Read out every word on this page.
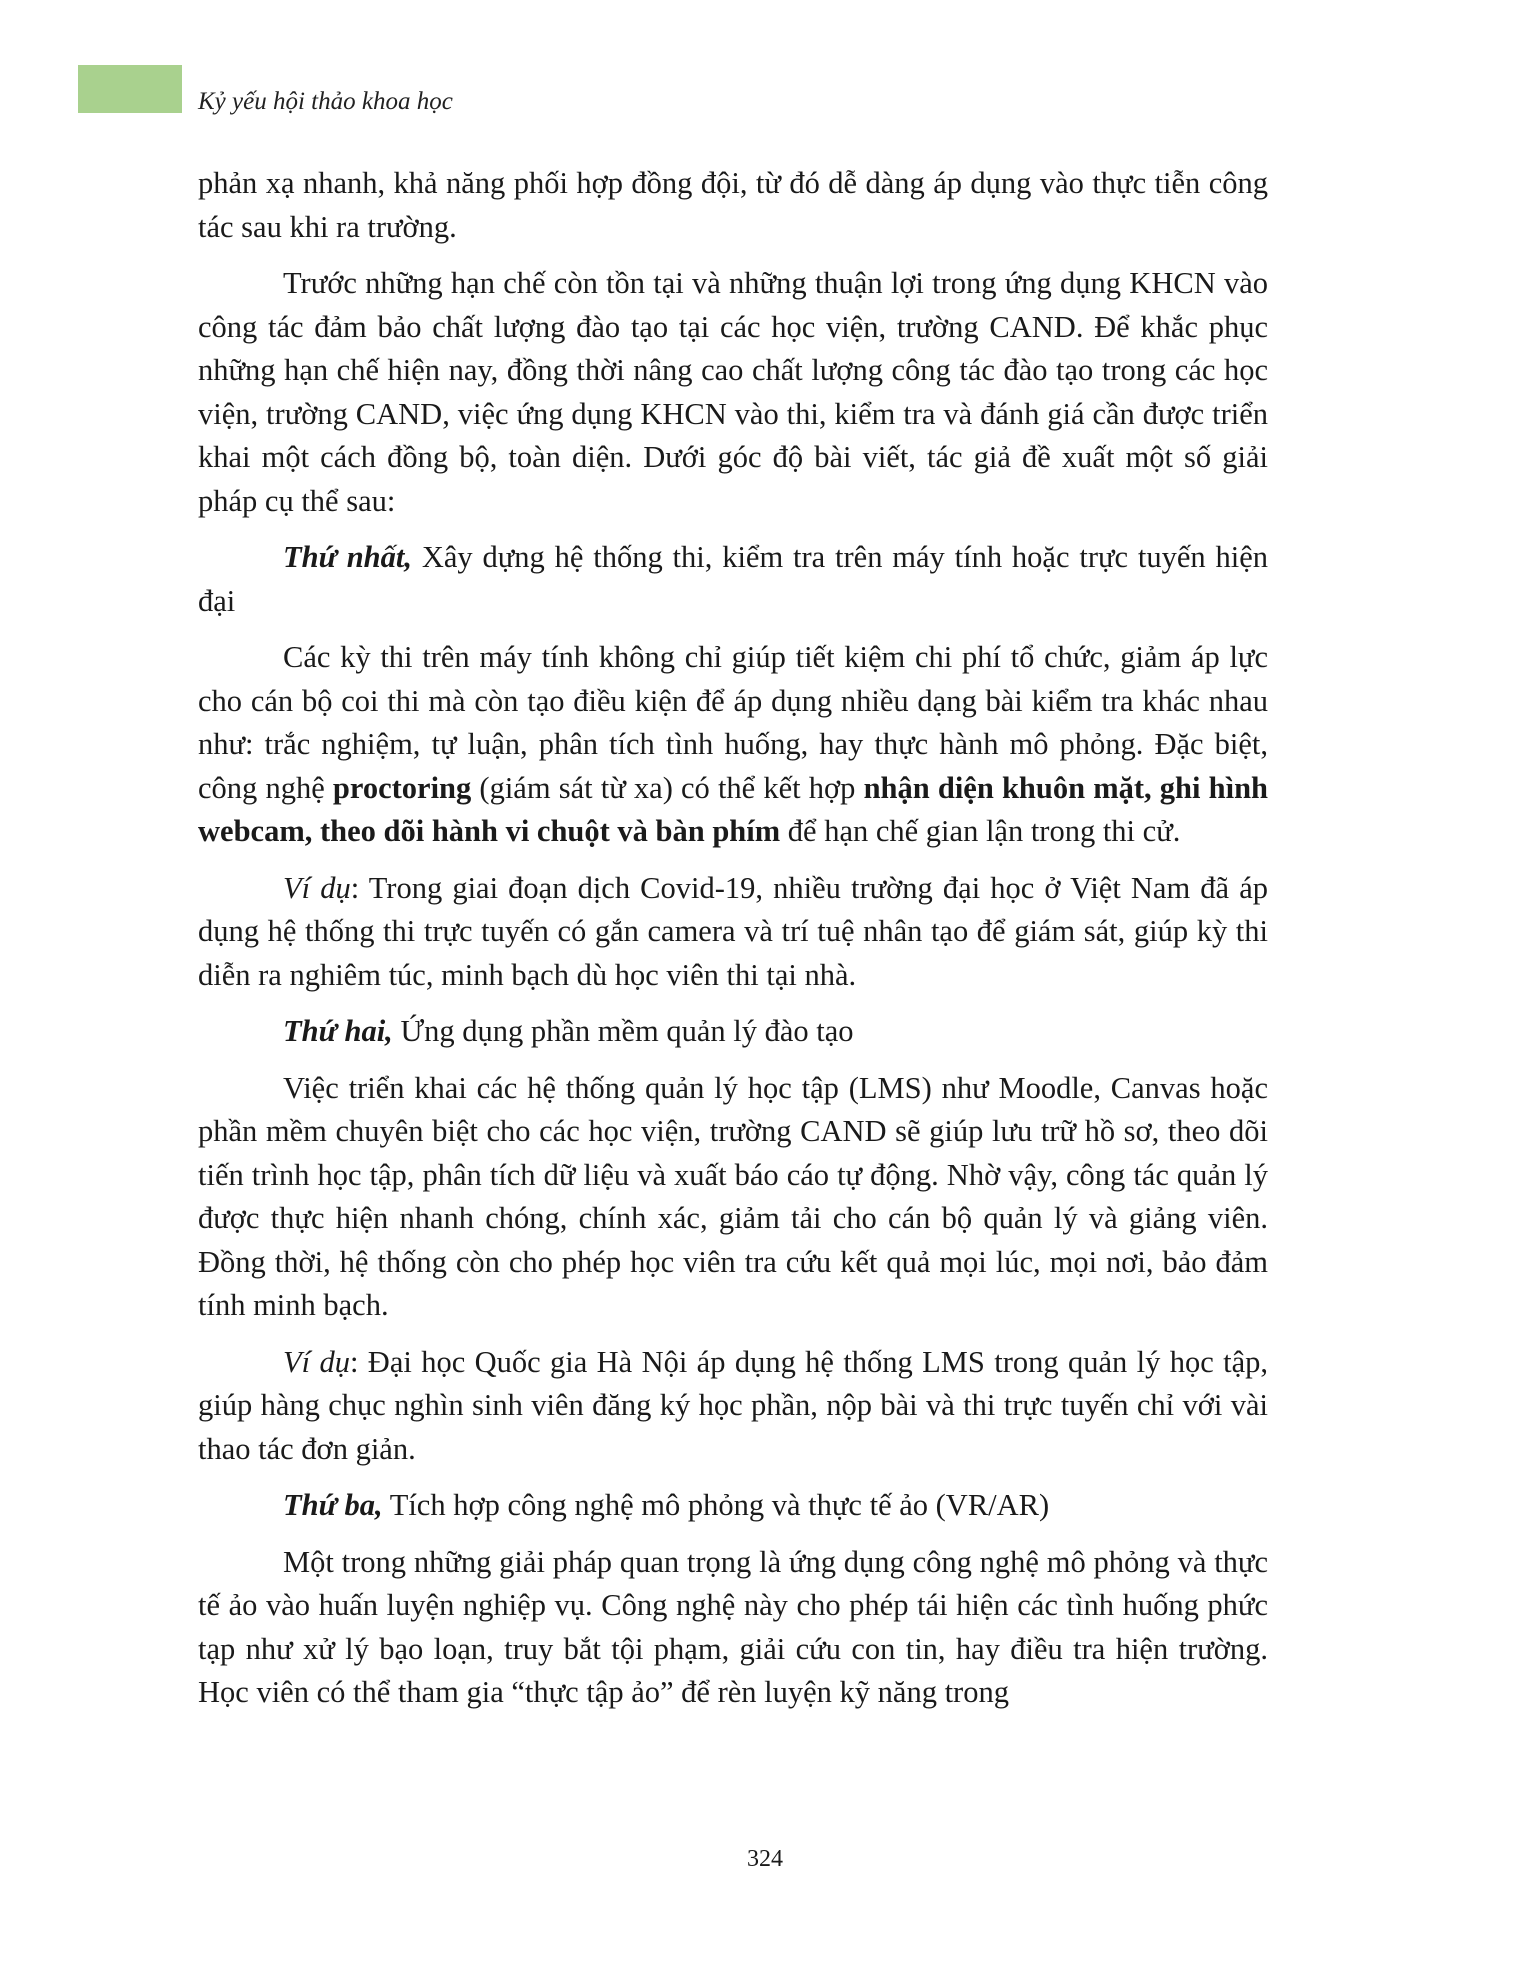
Kỷ yếu hội thảo khoa học

phản xạ nhanh, khả năng phối hợp đồng đội, từ đó dễ dàng áp dụng vào thực tiễn công tác sau khi ra trường.

Trước những hạn chế còn tồn tại và những thuận lợi trong ứng dụng KHCN vào công tác đảm bảo chất lượng đào tạo tại các học viện, trường CAND. Để khắc phục những hạn chế hiện nay, đồng thời nâng cao chất lượng công tác đào tạo trong các học viện, trường CAND, việc ứng dụng KHCN vào thi, kiểm tra và đánh giá cần được triển khai một cách đồng bộ, toàn diện. Dưới góc độ bài viết, tác giả đề xuất một số giải pháp cụ thể sau:

Thứ nhất, Xây dựng hệ thống thi, kiểm tra trên máy tính hoặc trực tuyến hiện đại

Các kỳ thi trên máy tính không chỉ giúp tiết kiệm chi phí tổ chức, giảm áp lực cho cán bộ coi thi mà còn tạo điều kiện để áp dụng nhiều dạng bài kiểm tra khác nhau như: trắc nghiệm, tự luận, phân tích tình huống, hay thực hành mô phỏng. Đặc biệt, công nghệ proctoring (giám sát từ xa) có thể kết hợp nhận diện khuôn mặt, ghi hình webcam, theo dõi hành vi chuột và bàn phím để hạn chế gian lận trong thi cử.

Ví dụ: Trong giai đoạn dịch Covid-19, nhiều trường đại học ở Việt Nam đã áp dụng hệ thống thi trực tuyến có gắn camera và trí tuệ nhân tạo để giám sát, giúp kỳ thi diễn ra nghiêm túc, minh bạch dù học viên thi tại nhà.

Thứ hai, Ứng dụng phần mềm quản lý đào tạo

Việc triển khai các hệ thống quản lý học tập (LMS) như Moodle, Canvas hoặc phần mềm chuyên biệt cho các học viện, trường CAND sẽ giúp lưu trữ hồ sơ, theo dõi tiến trình học tập, phân tích dữ liệu và xuất báo cáo tự động. Nhờ vậy, công tác quản lý được thực hiện nhanh chóng, chính xác, giảm tải cho cán bộ quản lý và giảng viên. Đồng thời, hệ thống còn cho phép học viên tra cứu kết quả mọi lúc, mọi nơi, bảo đảm tính minh bạch.

Ví dụ: Đại học Quốc gia Hà Nội áp dụng hệ thống LMS trong quản lý học tập, giúp hàng chục nghìn sinh viên đăng ký học phần, nộp bài và thi trực tuyến chỉ với vài thao tác đơn giản.

Thứ ba, Tích hợp công nghệ mô phỏng và thực tế ảo (VR/AR)

Một trong những giải pháp quan trọng là ứng dụng công nghệ mô phỏng và thực tế ảo vào huấn luyện nghiệp vụ. Công nghệ này cho phép tái hiện các tình huống phức tạp như xử lý bạo loạn, truy bắt tội phạm, giải cứu con tin, hay điều tra hiện trường. Học viên có thể tham gia “thực tập ảo” để rèn luyện kỹ năng trong

324
